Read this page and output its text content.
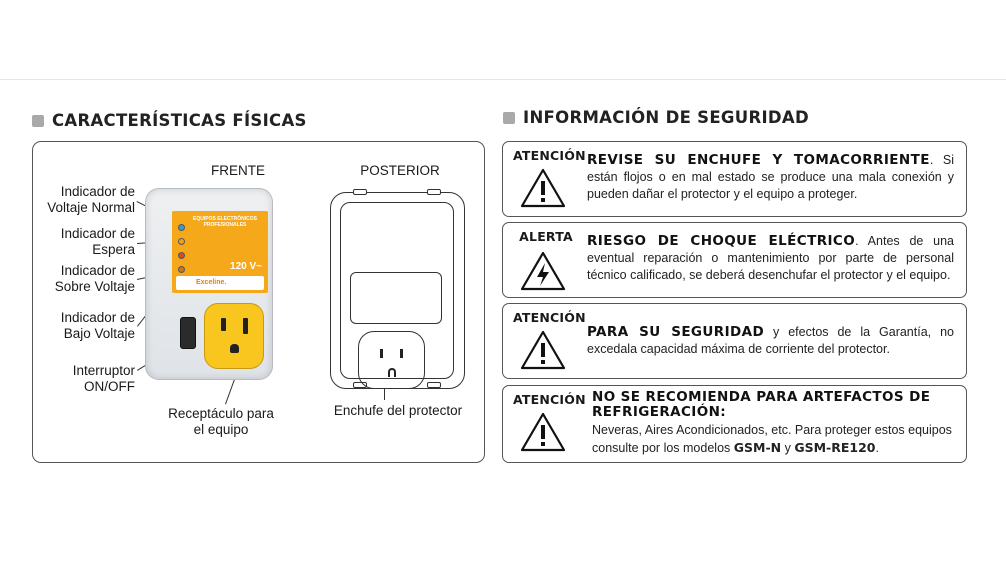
CARACTERÍSTICAS FÍSICAS
FRENTE	POSTERIOR
Indicador de
Voltaje Normal
Indicador de
Espera
Indicador de
Sobre Voltaje
Indicador de
Bajo Voltaje
Interruptor
ON/OFF
Receptáculo para
el equipo
Enchufe del protector
EQUIPOS ELECTRÓNICOS PROFESIONALES
120 V~
Exceline.
INFORMACIÓN DE SEGURIDAD
ATENCIÓN REVISE SU ENCHUFE Y TOMACORRIENTE. Si están flojos o en mal estado se produce una mala conexión y pueden dañar el protector y el equipo a proteger.
ALERTA	RIESGO DE CHOQUE ELÉCTRICO. Antes de una eventual reparación o mantenimiento por parte de personal técnico calificado, se deberá desenchufar el protector y el equipo.
ATENCIÓN
PARA SU SEGURIDAD y efectos de la Garantía, no excedala capacidad máxima de corriente del protector.
ATENCIÓN NO SE RECOMIENDA PARA ARTEFACTOS DE REFRIGERACIÓN:
Neveras, Aires Acondicionados, etc. Para proteger estos equipos consulte por los modelos GSM-N y GSM-RE120.
